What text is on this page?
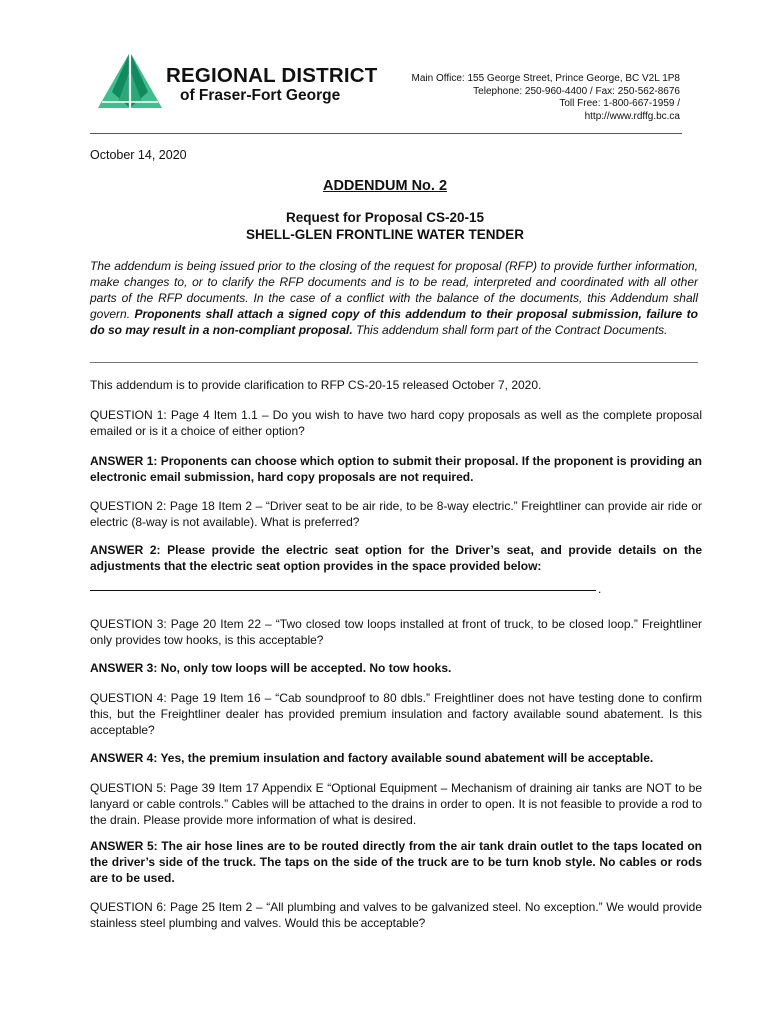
REGIONAL DISTRICT
of Fraser-Fort George
Main Office: 155 George Street, Prince George, BC V2L 1P8
Telephone: 250-960-4400 / Fax: 250-562-8676
Toll Free: 1-800-667-1959 /
http://www.rdffg.bc.ca
October 14, 2020
ADDENDUM No. 2
Request for Proposal CS-20-15
SHELL-GLEN FRONTLINE WATER TENDER
The addendum is being issued prior to the closing of the request for proposal (RFP) to provide further information, make changes to, or to clarify the RFP documents and is to be read, interpreted and coordinated with all other parts of the RFP documents. In the case of a conflict with the balance of the documents, this Addendum shall govern. Proponents shall attach a signed copy of this addendum to their proposal submission, failure to do so may result in a non-compliant proposal. This addendum shall form part of the Contract Documents.
This addendum is to provide clarification to RFP CS-20-15 released October 7, 2020.
QUESTION 1: Page 4 Item 1.1 – Do you wish to have two hard copy proposals as well as the complete proposal emailed or is it a choice of either option?
ANSWER 1: Proponents can choose which option to submit their proposal. If the proponent is providing an electronic email submission, hard copy proposals are not required.
QUESTION 2: Page 18 Item 2 – “Driver seat to be air ride, to be 8-way electric.” Freightliner can provide air ride or electric (8-way is not available). What is preferred?
ANSWER 2: Please provide the electric seat option for the Driver’s seat, and provide details on the adjustments that the electric seat option provides in the space provided below:
.
QUESTION 3: Page 20 Item 22 – “Two closed tow loops installed at front of truck, to be closed loop.” Freightliner only provides tow hooks, is this acceptable?
ANSWER 3: No, only tow loops will be accepted. No tow hooks.
QUESTION 4: Page 19 Item 16 – “Cab soundproof to 80 dbls.” Freightliner does not have testing done to confirm this, but the Freightliner dealer has provided premium insulation and factory available sound abatement. Is this acceptable?
ANSWER 4: Yes, the premium insulation and factory available sound abatement will be acceptable.
QUESTION 5: Page 39 Item 17 Appendix E “Optional Equipment – Mechanism of draining air tanks are NOT to be lanyard or cable controls.” Cables will be attached to the drains in order to open. It is not feasible to provide a rod to the drain. Please provide more information of what is desired.
ANSWER 5: The air hose lines are to be routed directly from the air tank drain outlet to the taps located on the driver’s side of the truck. The taps on the side of the truck are to be turn knob style. No cables or rods are to be used.
QUESTION 6: Page 25 Item 2 – “All plumbing and valves to be galvanized steel. No exception.” We would provide stainless steel plumbing and valves. Would this be acceptable?
